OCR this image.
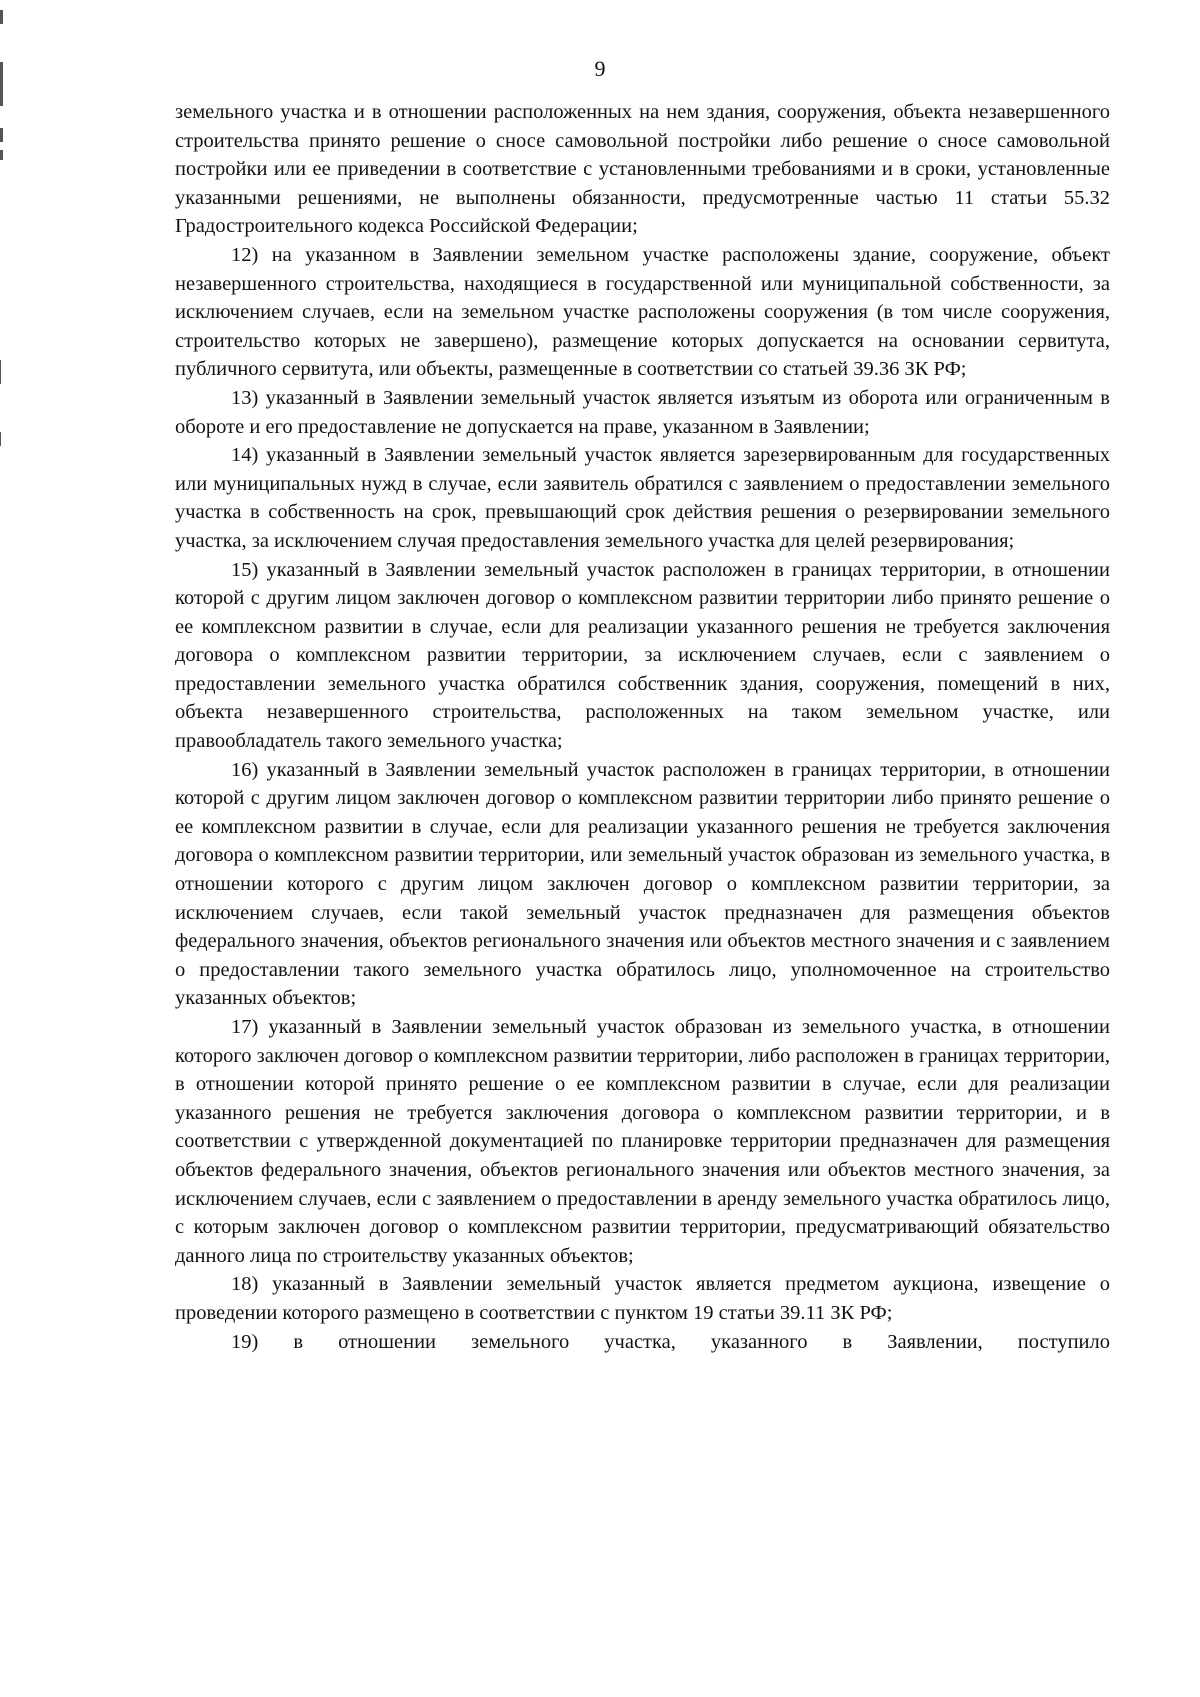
9

земельного участка и в отношении расположенных на нем здания, сооружения, объекта незавершенного строительства принято решение о сносе самовольной постройки либо решение о сносе самовольной постройки или ее приведении в соответствие с установленными требованиями и в сроки, установленные указанными решениями, не выполнены обязанности, предусмотренные частью 11 статьи 55.32 Градостроительного кодекса Российской Федерации;

12) на указанном в Заявлении земельном участке расположены здание, сооружение, объект незавершенного строительства, находящиеся в государственной или муниципальной собственности, за исключением случаев, если на земельном участке расположены сооружения (в том числе сооружения, строительство которых не завершено), размещение которых допускается на основании сервитута, публичного сервитута, или объекты, размещенные в соответствии со статьей 39.36 ЗК РФ;

13) указанный в Заявлении земельный участок является изъятым из оборота или ограниченным в обороте и его предоставление не допускается на праве, указанном в Заявлении;

14) указанный в Заявлении земельный участок является зарезервированным для государственных или муниципальных нужд в случае, если заявитель обратился с заявлением о предоставлении земельного участка в собственность на срок, превышающий срок действия решения о резервировании земельного участка, за исключением случая предоставления земельного участка для целей резервирования;

15) указанный в Заявлении земельный участок расположен в границах территории, в отношении которой с другим лицом заключен договор о комплексном развитии территории либо принято решение о ее комплексном развитии в случае, если для реализации указанного решения не требуется заключения договора о комплексном развитии территории, за исключением случаев, если с заявлением о предоставлении земельного участка обратился собственник здания, сооружения, помещений в них, объекта незавершенного строительства, расположенных на таком земельном участке, или правообладатель такого земельного участка;

16) указанный в Заявлении земельный участок расположен в границах территории, в отношении которой с другим лицом заключен договор о комплексном развитии территории либо принято решение о ее комплексном развитии в случае, если для реализации указанного решения не требуется заключения договора о комплексном развитии территории, или земельный участок образован из земельного участка, в отношении которого с другим лицом заключен договор о комплексном развитии территории, за исключением случаев, если такой земельный участок предназначен для размещения объектов федерального значения, объектов регионального значения или объектов местного значения и с заявлением о предоставлении такого земельного участка обратилось лицо, уполномоченное на строительство указанных объектов;

17) указанный в Заявлении земельный участок образован из земельного участка, в отношении которого заключен договор о комплексном развитии территории, либо расположен в границах территории, в отношении которой принято решение о ее комплексном развитии в случае, если для реализации указанного решения не требуется заключения договора о комплексном развитии территории, и в соответствии с утвержденной документацией по планировке территории предназначен для размещения объектов федерального значения, объектов регионального значения или объектов местного значения, за исключением случаев, если с заявлением о предоставлении в аренду земельного участка обратилось лицо, с которым заключен договор о комплексном развитии территории, предусматривающий обязательство данного лица по строительству указанных объектов;

18) указанный в Заявлении земельный участок является предметом аукциона, извещение о проведении которого размещено в соответствии с пунктом 19 статьи 39.11 ЗК РФ;

19) в отношении земельного участка, указанного в Заявлении, поступило
